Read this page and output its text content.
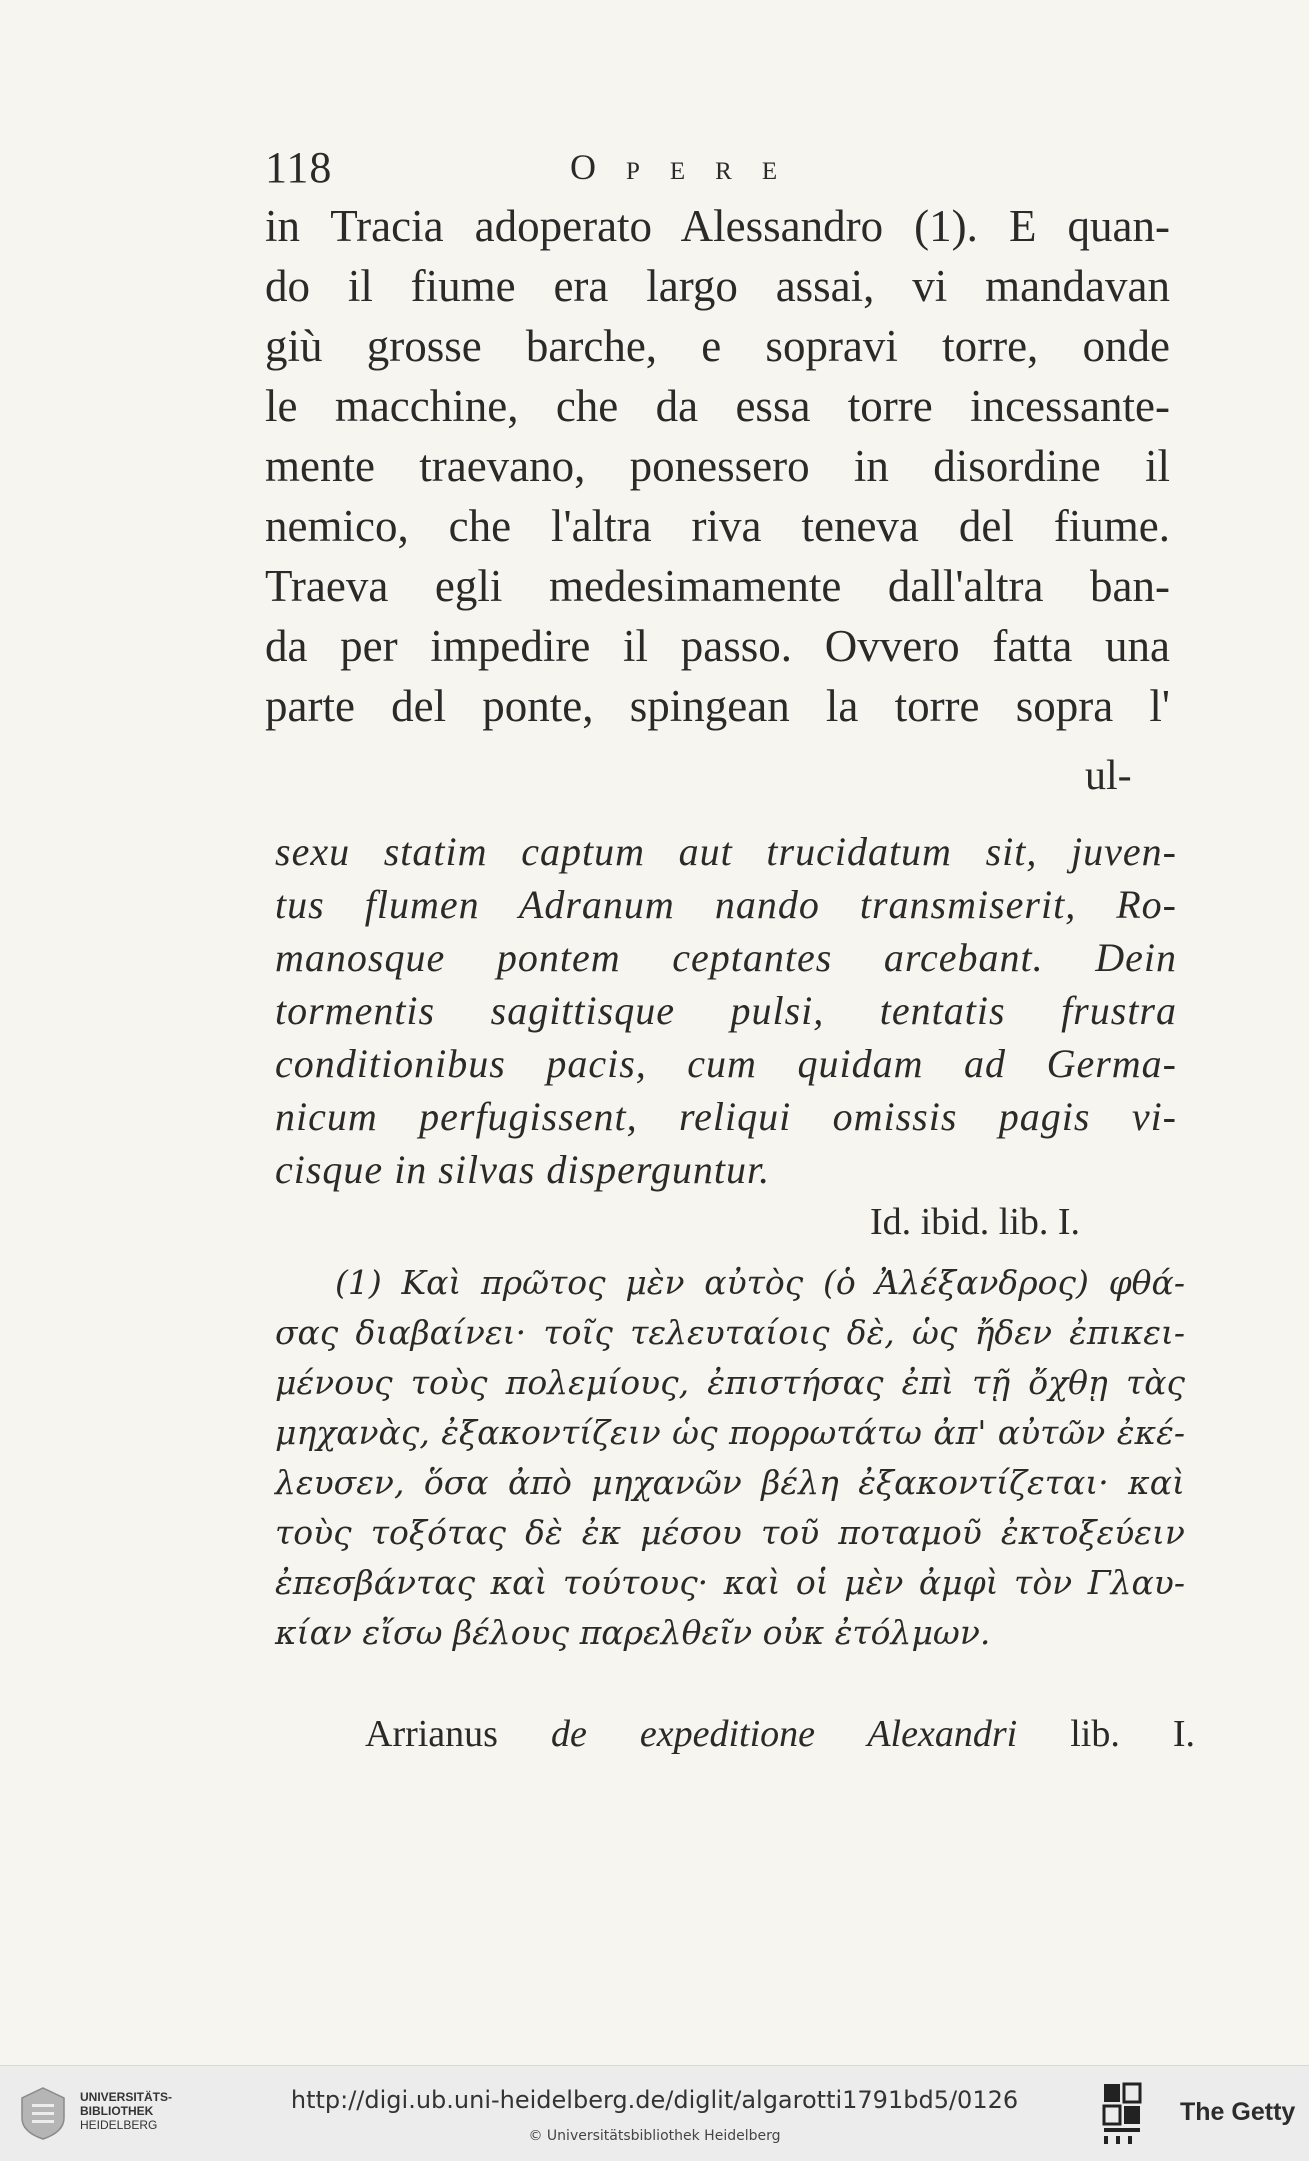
118	Opere
in Tracia adoperato Alessandro (1). E quan-
do il fiume era largo assai, vi mandavan
giù grosse barche, e sopravi torre, onde
le macchine, che da essa torre incessante-
mente traevano, ponessero in disordine il
nemico, che l'altra riva teneva del fiume.
Traeva egli medesimamente dall'altra ban-
da per impedire il passo. Ovvero fatta una
parte del ponte, spingean la torre sopra l'
ul-
sexu statim captum aut trucidatum sit, juven-
tus flumen Adranum nando transmiserit, Ro-
manosque pontem ceptantes arcebant. Dein
tormentis sagittisque pulsi, tentatis frustra
conditionibus pacis, cum quidam ad Germa-
nicum perfugissent, reliqui omissis pagis vi-
cisque in silvas disperguntur.
Id. ibid. lib. I.
(1) Καὶ πρῶτος μὲν αὐτὸς (ὁ Ἀλέξανδρος) φθά-
σας διαβαίνει· τοῖς τελευταίοις δὲ, ὡς ἤδεν ἐπικει-
μένους τοὺς πολεμίους, ἐπιστήσας ἐπὶ τῇ ὄχθῃ τὰς
μηχανὰς, ἐξακοντίζειν ὡς πορρωτάτω ἀπ' αὐτῶν ἐκέ-
λευσεν, ὅσα ἀπὸ μηχανῶν βέλη ἐξακοντίζεται· καὶ
τοὺς τοξότας δὲ ἐκ μέσου τοῦ ποταμοῦ ἐκτοξεύειν
ἐπεσβάντας καὶ τούτους· καὶ οἱ μὲν ἀμφὶ τὸν Γλαυ-
κίαν εἴσω βέλους παρελθεῖν οὐκ ἐτόλμων.
Arrianus de expeditione Alexandri lib. I.
UNIVERSITÄTS-
BIBLIOTHEK
HEIDELBERG
http://digi.ub.uni-heidelberg.de/diglit/algarotti1791bd5/0126
© Universitätsbibliothek Heidelberg
The Getty
